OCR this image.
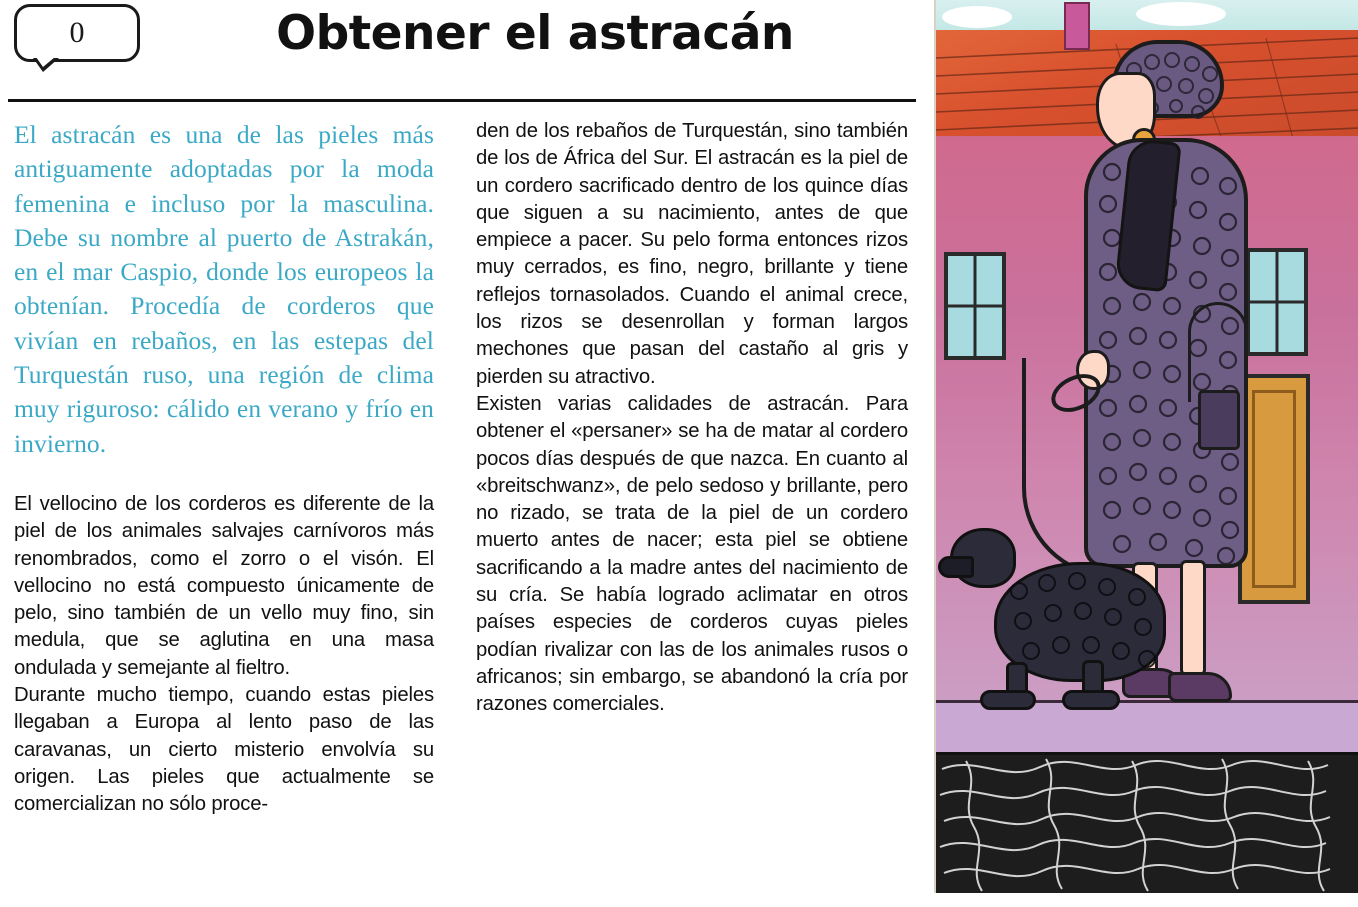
0	Obtener el astracán

El astracán es una de las pieles más antiguamente adoptadas por la moda femenina e incluso por la masculina. Debe su nombre al puerto de Astrakán, en el mar Caspio, donde los europeos la obtenían. Procedía de corderos que vivían en rebaños, en las estepas del Turquestán ruso, una región de clima muy riguroso: cálido en verano y frío en invierno.

El vellocino de los corderos es diferente de la piel de los animales salvajes carnívoros más renombrados, como el zorro o el visón. El vellocino no está compuesto únicamente de pelo, sino también de un vello muy fino, sin medula, que se aglutina en una masa ondulada y semejante al fieltro.

Durante mucho tiempo, cuando estas pieles llegaban a Europa al lento paso de las caravanas, un cierto misterio envolvía su origen. Las pieles que actualmente se comercializan no sólo proce-

den de los rebaños de Turquestán, sino también de los de África del Sur. El astracán es la piel de un cordero sacrificado dentro de los quince días que siguen a su nacimiento, antes de que empiece a pacer. Su pelo forma entonces rizos muy cerrados, es fino, negro, brillante y tiene reflejos tornasolados. Cuando el animal crece, los rizos se desenrollan y forman largos mechones que pasan del castaño al gris y pierden su atractivo.

Existen varias calidades de astracán. Para obtener el «persaner» se ha de matar al cordero pocos días después de que nazca. En cuanto al «breitschwanz», de pelo sedoso y brillante, pero no rizado, se trata de la piel de un cordero muerto antes de nacer; esta piel se obtiene sacrificando a la madre antes del nacimiento de su cría. Se había logrado aclimatar en otros países especies de corderos cuyas pieles podían rivalizar con las de los animales rusos o africanos; sin embargo, se abandonó la cría por razones comerciales.
